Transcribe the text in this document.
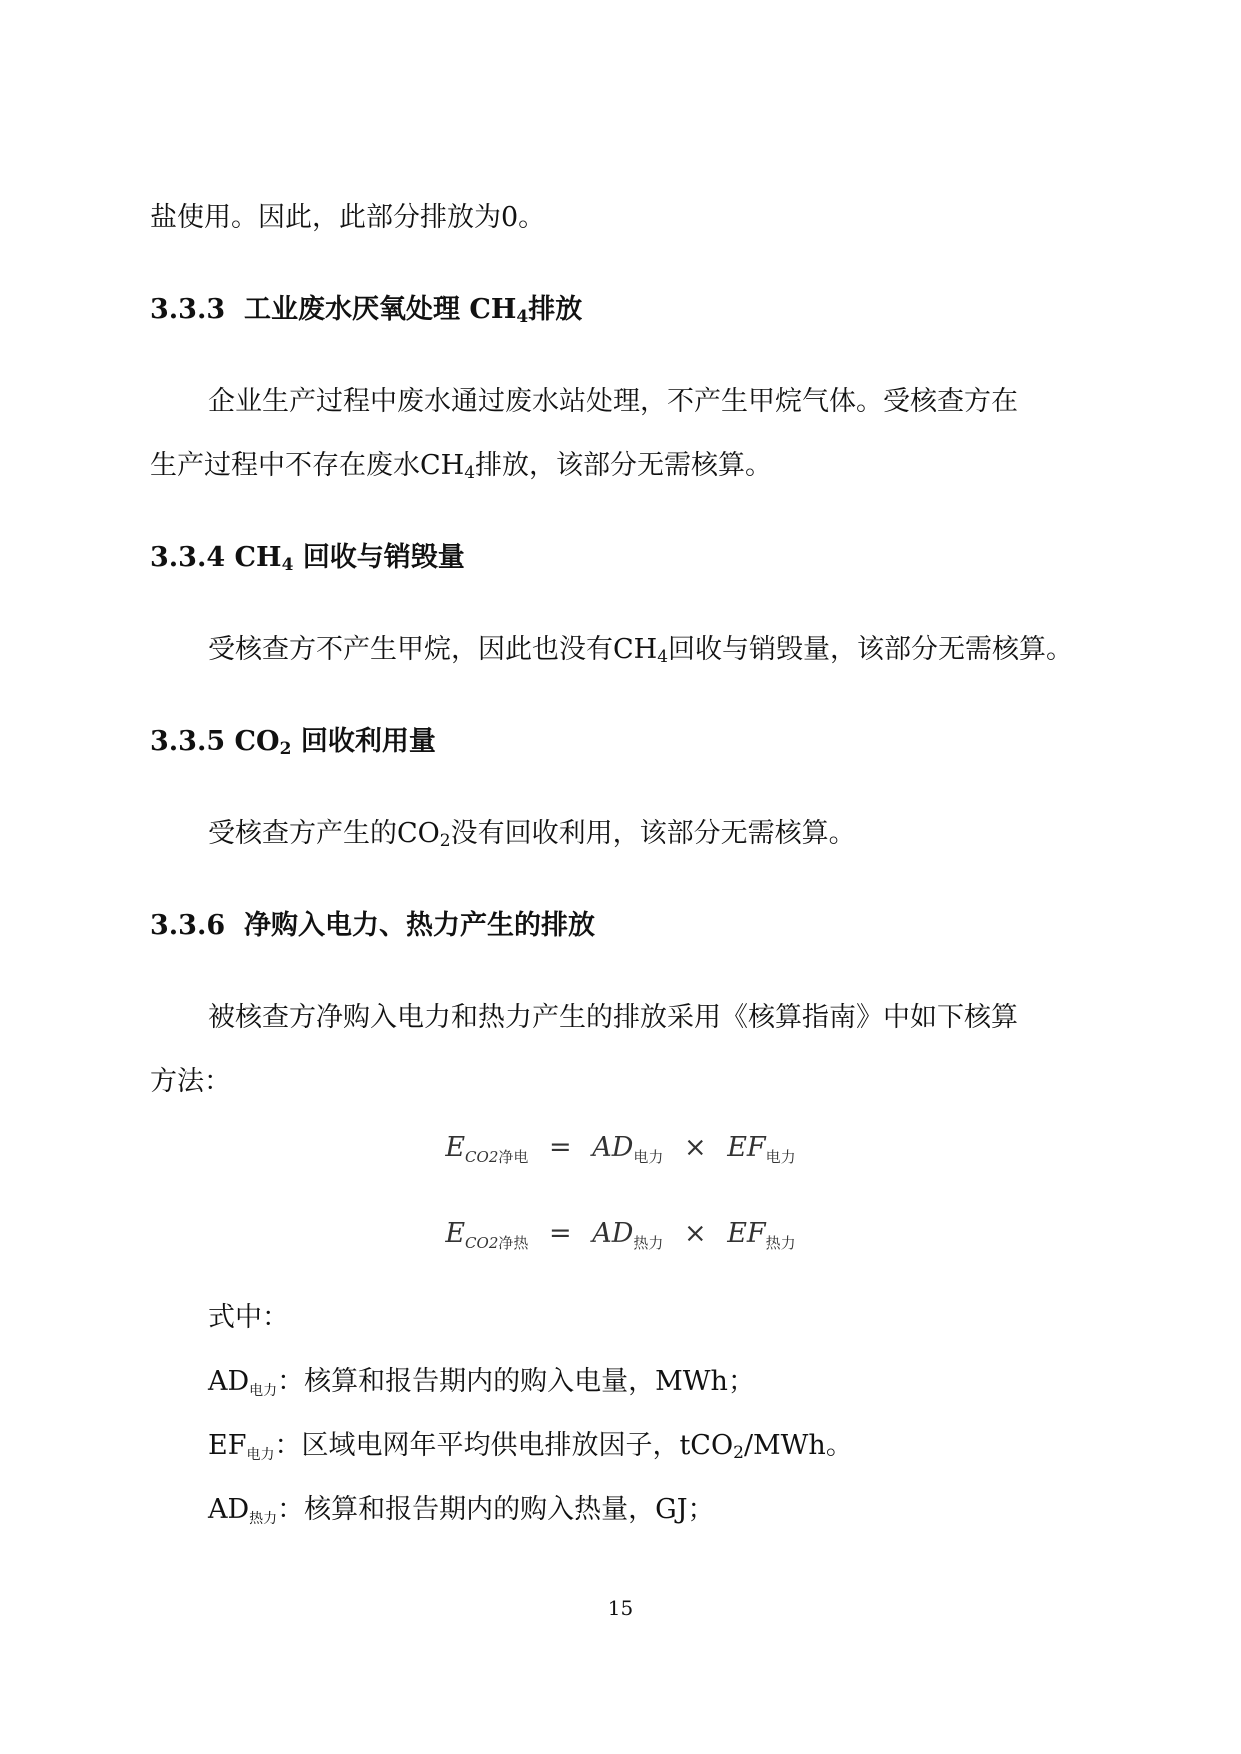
盐使用。因此，此部分排放为0。
3.3.3 工业废水厌氧处理 $CH_4$排放
企业生产过程中废水通过废水站处理，不产生甲烷气体。受核查方在
生产过程中不存在废水$CH_4$排放，该部分无需核算。
3.3.4 $CH_4$ 回收与销毁量
受核查方不产生甲烷，因此也没有$CH_4$回收与销毁量，该部分无需核算。
3.3.5 $CO_2$ 回收利用量
受核查方产生的$CO_2$没有回收利用，该部分无需核算。
3.3.6 净购入电力、热力产生的排放
被核查方净购入电力和热力产生的排放采用《核算指南》中如下核算
方法：
$E_{CO2净电} = AD_{电力} \times EF_{电力}$
$E_{CO2净热} = AD_{热力} \times EF_{热力}$
式中：
AD电力：核算和报告期内的购入电量，MWh；
EF电力：区域电网年平均供电排放因子，tCO$_2$/MWh。
AD热力：核算和报告期内的购入热量，GJ；
15
